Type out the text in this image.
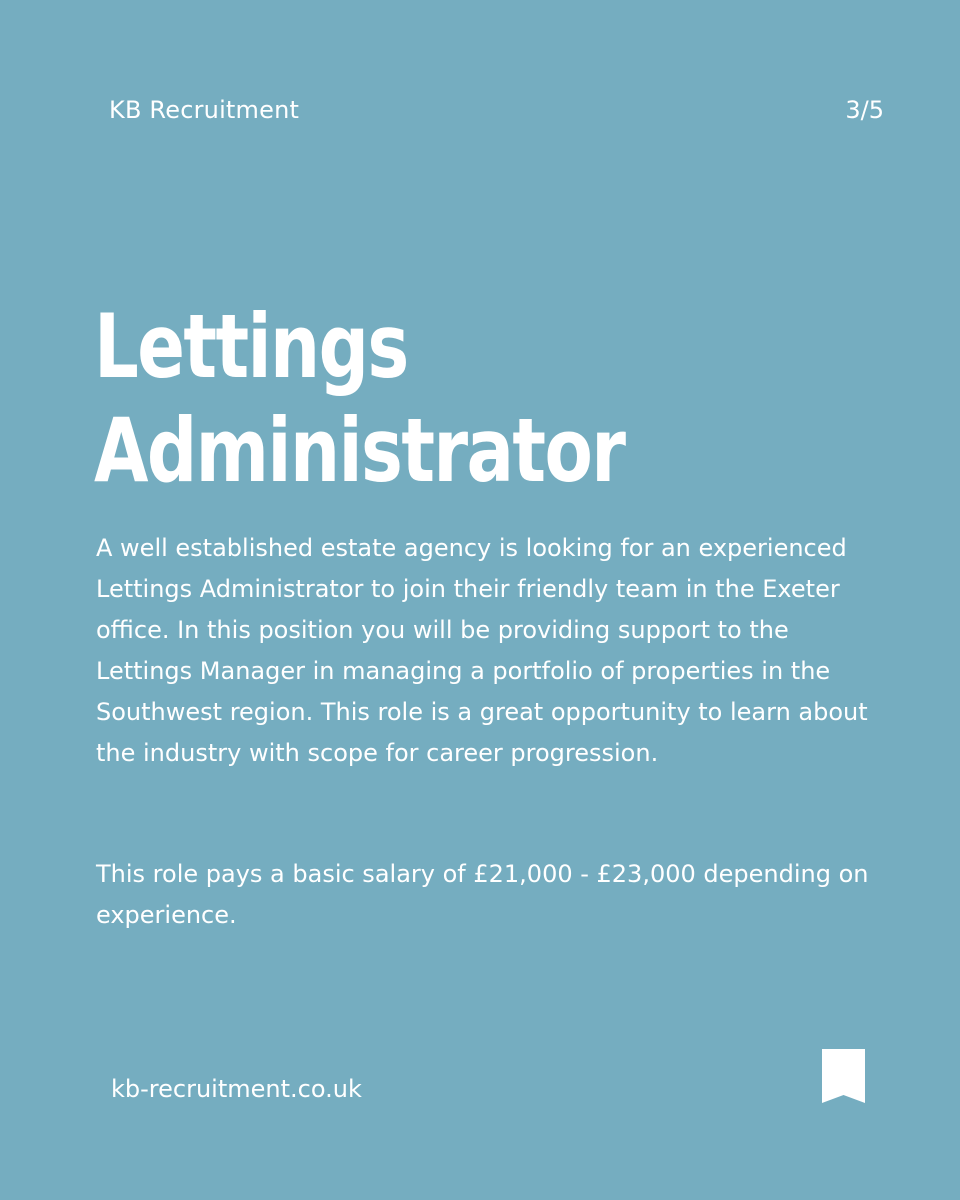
KB Recruitment	3/5
Lettings
Administrator

A well established estate agency is looking for an experienced Lettings Administrator to join their friendly team in the Exeter office. In this position you will be providing support to the Lettings Manager in managing a portfolio of properties in the Southwest region. This role is a great opportunity to learn about the industry with scope for career progression.

This role pays a basic salary of £21,000 - £23,000 depending on experience.

kb-recruitment.co.uk
